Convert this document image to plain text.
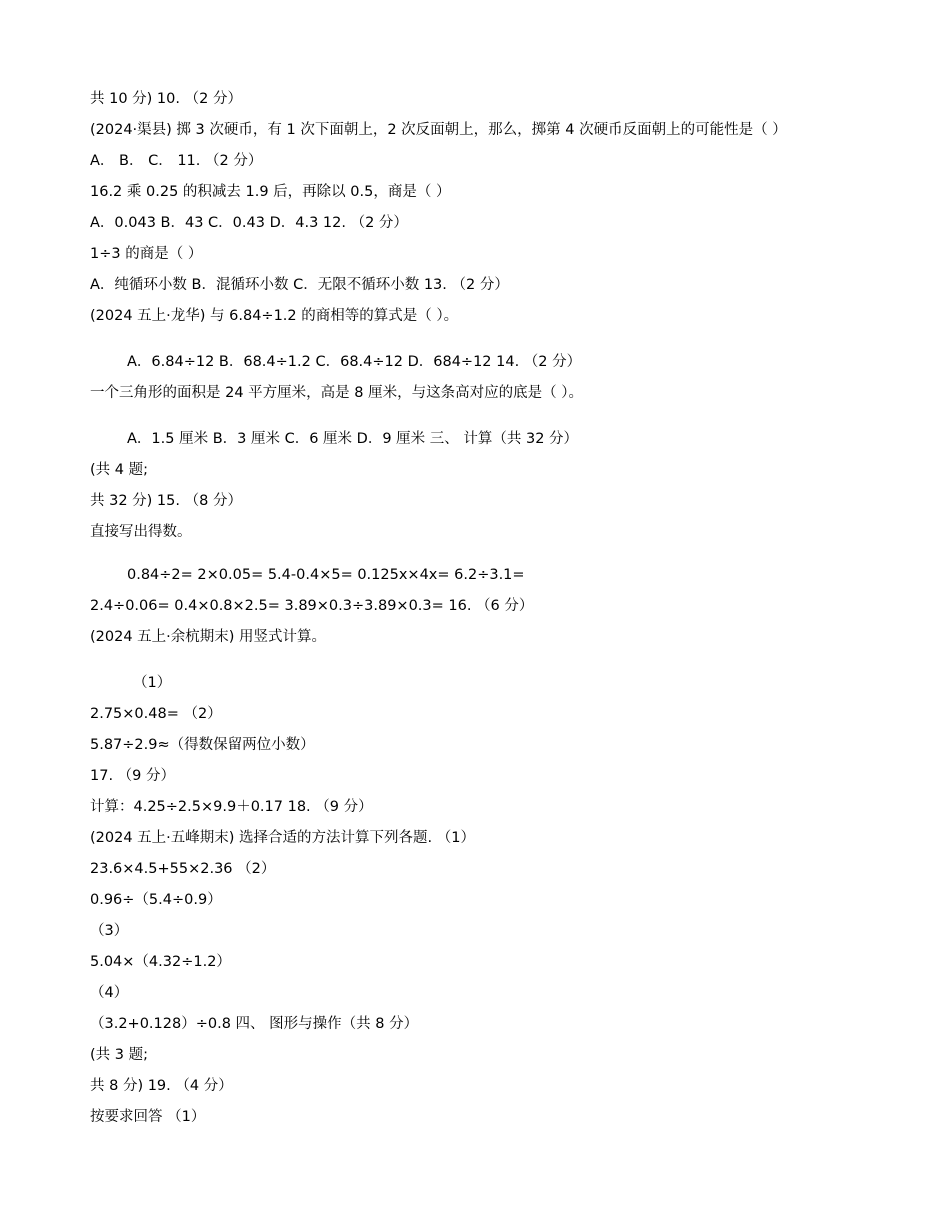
共 10 分) 10. （2 分）
(2024·渠县) 掷 3 次硬币，有 1 次下面朝上，2 次反面朝上，那么，掷第 4 次硬币反面朝上的可能性是（ ）
A． B． C． 11. （2 分）
16.2 乘 0.25 的积减去 1.9 后，再除以 0.5，商是（ ）
A．0.043 B．43 C．0.43 D．4.3 12. （2 分）
1÷3 的商是（ ）
A．纯循环小数 B．混循环小数 C．无限不循环小数 13. （2 分）
(2024 五上·龙华) 与 6.84÷1.2 的商相等的算式是（ ）。
A．6.84÷12 B．68.4÷1.2 C．68.4÷12 D．684÷12 14. （2 分）
一个三角形的面积是 24 平方厘米，高是 8 厘米，与这条高对应的底是（ ）。
A．1.5 厘米 B．3 厘米 C．6 厘米 D．9 厘米 三、 计算（共 32 分）
(共 4 题;
共 32 分) 15. （8 分）
直接写出得数。
0.84÷2= 2×0.05= 5.4-0.4×5= 0.125x×4x= 6.2÷3.1=
2.4÷0.06= 0.4×0.8×2.5= 3.89×0.3÷3.89×0.3= 16. （6 分）
(2024 五上·余杭期末) 用竖式计算。
（1）
2.75×0.48= （2）
5.87÷2.9≈（得数保留两位小数）
17. （9 分）
计算：4.25÷2.5×9.9＋0.17 18. （9 分）
(2024 五上·五峰期末) 选择合适的方法计算下列各题. （1）
23.6×4.5+55×2.36 （2）
0.96÷（5.4÷0.9）
（3）
5.04×（4.32÷1.2）
（4）
（3.2+0.128）÷0.8 四、 图形与操作（共 8 分）
(共 3 题;
共 8 分) 19. （4 分）
按要求回答 （1）
